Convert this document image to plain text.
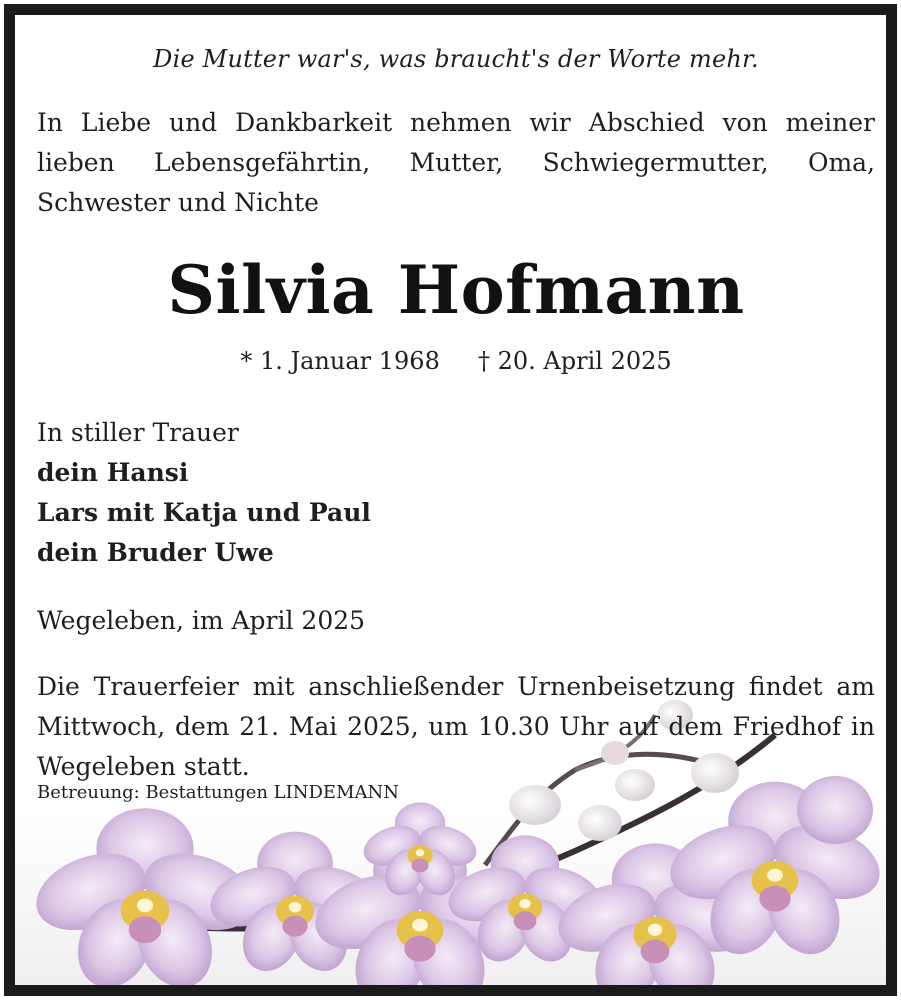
Die Mutter war's, was braucht's der Worte mehr.
In Liebe und Dankbarkeit nehmen wir Abschied von meiner lieben Lebensgefährtin, Mutter, Schwiegermutter, Oma, Schwester und Nichte
Silvia Hofmann
* 1. Januar 1968 † 20. April 2025
In stiller Trauer
dein Hansi
Lars mit Katja und Paul
dein Bruder Uwe
Wegeleben, im April 2025
Die Trauerfeier mit anschließender Urnenbeisetzung findet am Mittwoch, dem 21. Mai 2025, um 10.30 Uhr auf dem Friedhof in Wegeleben statt.
Betreuung: Bestattungen LINDEMANN
